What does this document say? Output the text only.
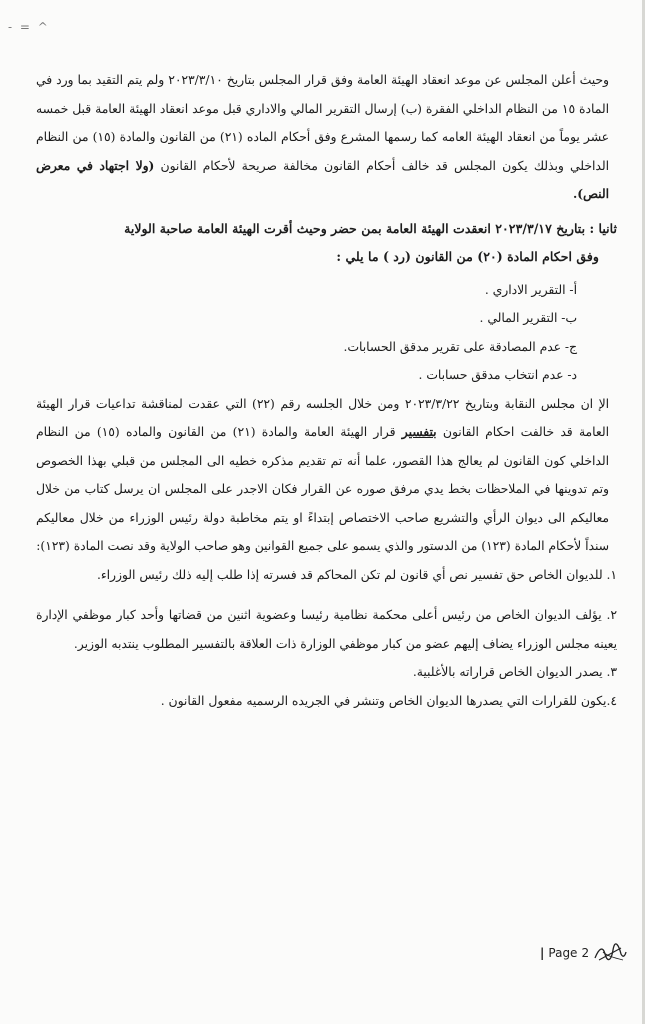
- = ^

وحيث أعلن المجلس عن موعد انعقاد الهيئة العامة وفق قرار المجلس بتاريخ ٢٠٢٣/٣/١٠ ولم يتم التقيد بما ورد في المادة ١٥ من النظام الداخلي الفقرة (ب) إرسال التقرير المالي والاداري قبل موعد انعقاد الهيئة العامة قبل خمسه عشر يوماً من انعقاد الهيئة العامه كما رسمها المشرع وفق أحكام الماده (٢١) من القانون والمادة (١٥) من النظام الداخلي وبذلك يكون المجلس قد خالف أحكام القانون مخالفة صريحة لأحكام القانون (ولا اجتهاد في معرض النص).

ثانيا : بتاريخ ٢٠٢٣/٣/١٧ انعقدت الهيئة العامة بمن حضر وحيث أقرت الهيئة العامة صاحبة الولاية
وفق احكام المادة (٢٠) من القانون (رد ) ما يلي :
أ- التقرير الاداري .
ب- التقرير المالي .
ج- عدم المصادقة على تقرير مدقق الحسابات.
د- عدم انتخاب مدقق حسابات .

الإ ان مجلس النقابة وبتاريخ ٢٠٢٣/٣/٢٢ ومن خلال الجلسه رقم (٢٢) التي عقدت لمناقشة تداعيات قرار الهيئة العامة قد خالفت احكام القانون بتفسير قرار الهيئة العامة والمادة (٢١) من القانون والماده (١٥) من النظام الداخلي كون القانون لم يعالج هذا القصور، علما أنه تم تقديم مذكره خطيه الى المجلس من قبلي بهذا الخصوص وتم تدوينها في الملاحظات بخط يدي مرفق صوره عن القرار فكان الاجدر على المجلس ان يرسل كتاب من خلال معاليكم الى ديوان الرأي والتشريع صاحب الاختصاص إبتداءً او يتم مخاطبة دولة رئيس الوزراء من خلال معاليكم سنداً لأحكام المادة (١٢٣) من الدستور والذي يسمو على جميع القوانين وهو صاحب الولاية وقد نصت المادة (١٢٣):

١. للديوان الخاص حق تفسير نص أي قانون لم تكن المحاكم قد فسرته إذا طلب إليه ذلك رئيس الوزراء.
٢. يؤلف الديوان الخاص من رئيس أعلى محكمة نظامية رئيسا وعضوية اثنين من قضاتها وأحد كبار موظفي الإدارة يعينه مجلس الوزراء يضاف إليهم عضو من كبار موظفي الوزارة ذات العلاقة بالتفسير المطلوب ينتدبه الوزير.
٣. يصدر الديوان الخاص قراراته بالأغلبية.
٤.يكون للقرارات التي يصدرها الديوان الخاص وتنشر في الجريده الرسميه مفعول القانون .
| Page 2
